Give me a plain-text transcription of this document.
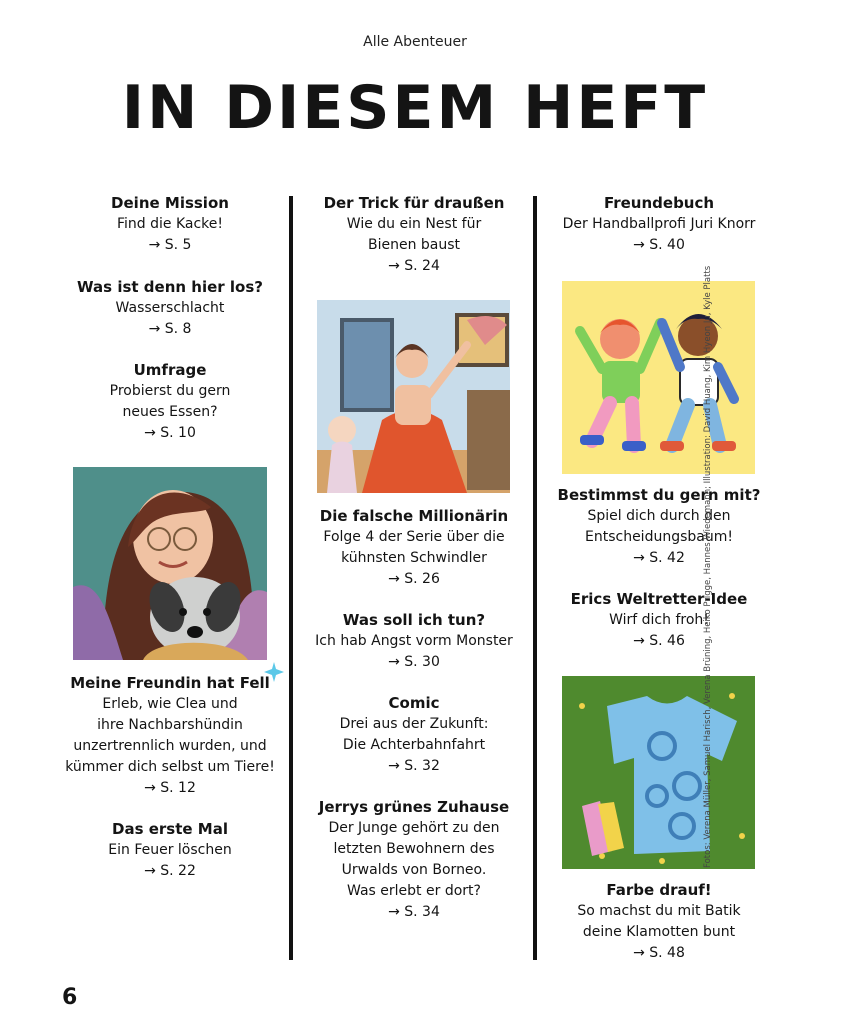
Alle Abenteuer
IN DIESEM HEFT
Deine Mission
Find die Kacke!
→ S. 5
Was ist denn hier los?
Wasserschlacht
→ S. 8
Umfrage
Probierst du gern
neues Essen?
→ S. 10
Meine Freundin hat Fell
Erleb, wie Clea und
ihre Nachbarshündin
unzertrennlich wurden, und
kümmer dich selbst um Tiere!
→ S. 12
Das erste Mal
Ein Feuer löschen
→ S. 22
Der Trick für draußen
Wie du ein Nest für
Bienen baust
→ S. 24
Die falsche Millionärin
Folge 4 der Serie über die
kühnsten Schwindler
→ S. 26
Was soll ich tun?
Ich hab Angst vorm Monster
→ S. 30
Comic
Drei aus der Zukunft:
Die Achterbahnfahrt
→ S. 32
Jerrys grünes Zuhause
Der Junge gehört zu den
letzten Bewohnern des
Urwalds von Borneo.
Was erlebt er dort?
→ S. 34
Freundebuch
Der Handballprofi Juri Knorr
→ S. 40
Bestimmst du gern mit?
Spiel dich durch den
Entscheidungsbaum!
→ S. 42
Erics Weltretter-Idee
Wirf dich froh!
→ S. 46
Farbe drauf!
So machst du mit Batik
deine Klamotten bunt
→ S. 48
Fotos: Verena Müller, Samuel Harisch, Verena Brüning, Heiko Prigge, Hannes Wiedemann; Illustration: David Huang, Kim Hyeon Ju, Kyle Platts
6
